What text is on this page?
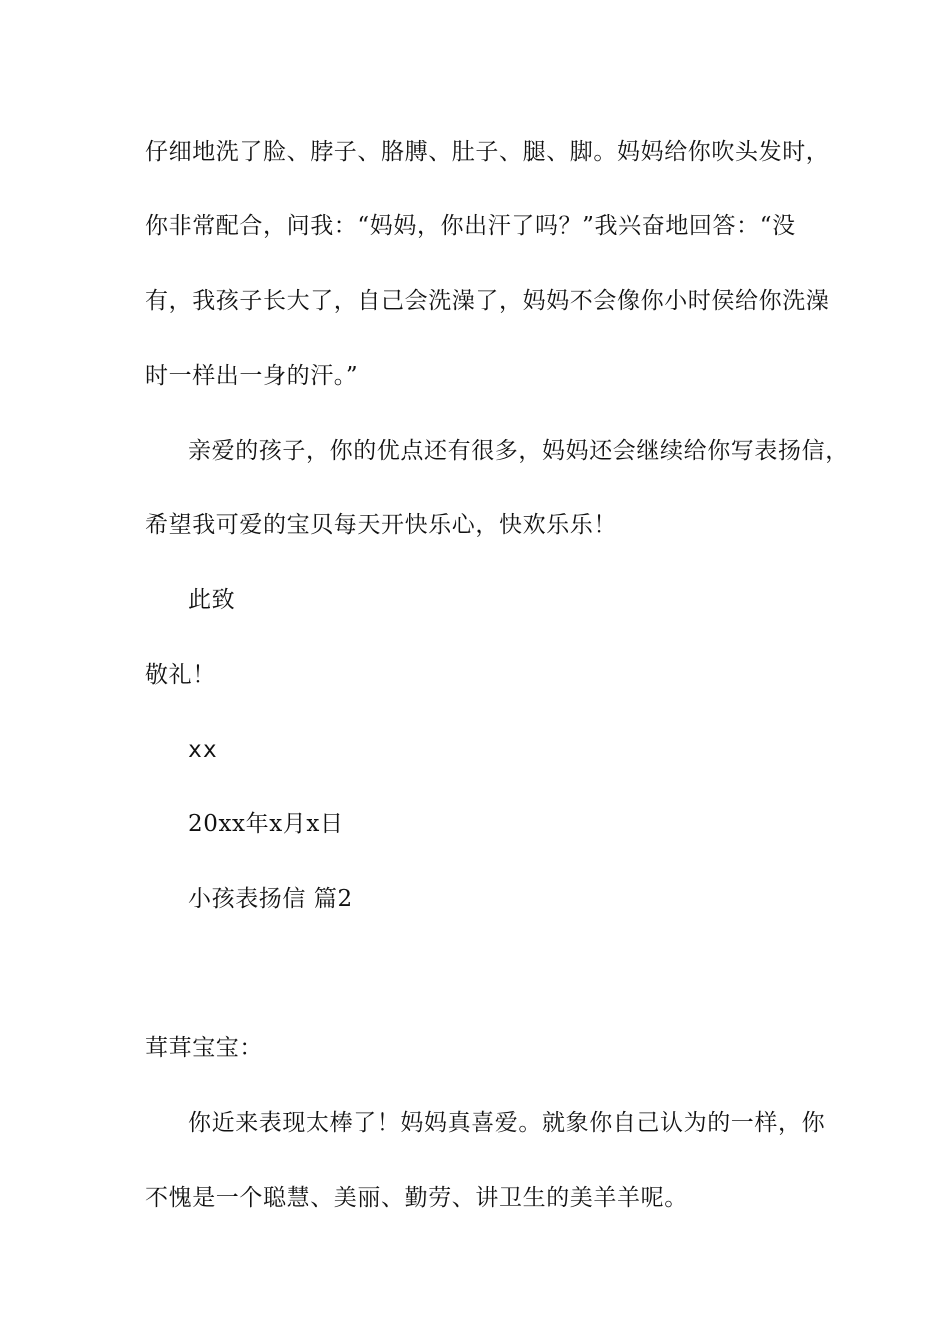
仔细地洗了脸、脖子、胳膊、肚子、腿、脚。妈妈给你吹头发时，
你非常配合，问我：“妈妈，你出汗了吗？”我兴奋地回答：“没
有，我孩子长大了，自己会洗澡了，妈妈不会像你小时侯给你洗澡
时一样出一身的汗。”
亲爱的孩子，你的优点还有很多，妈妈还会继续给你写表扬信，
希望我可爱的宝贝每天开快乐心，快欢乐乐！
此致
敬礼！
xx
20xx年x月x日
小孩表扬信 篇2
茸茸宝宝：
你近来表现太棒了！妈妈真喜爱。就象你自己认为的一样，你
不愧是一个聪慧、美丽、勤劳、讲卫生的美羊羊呢。
